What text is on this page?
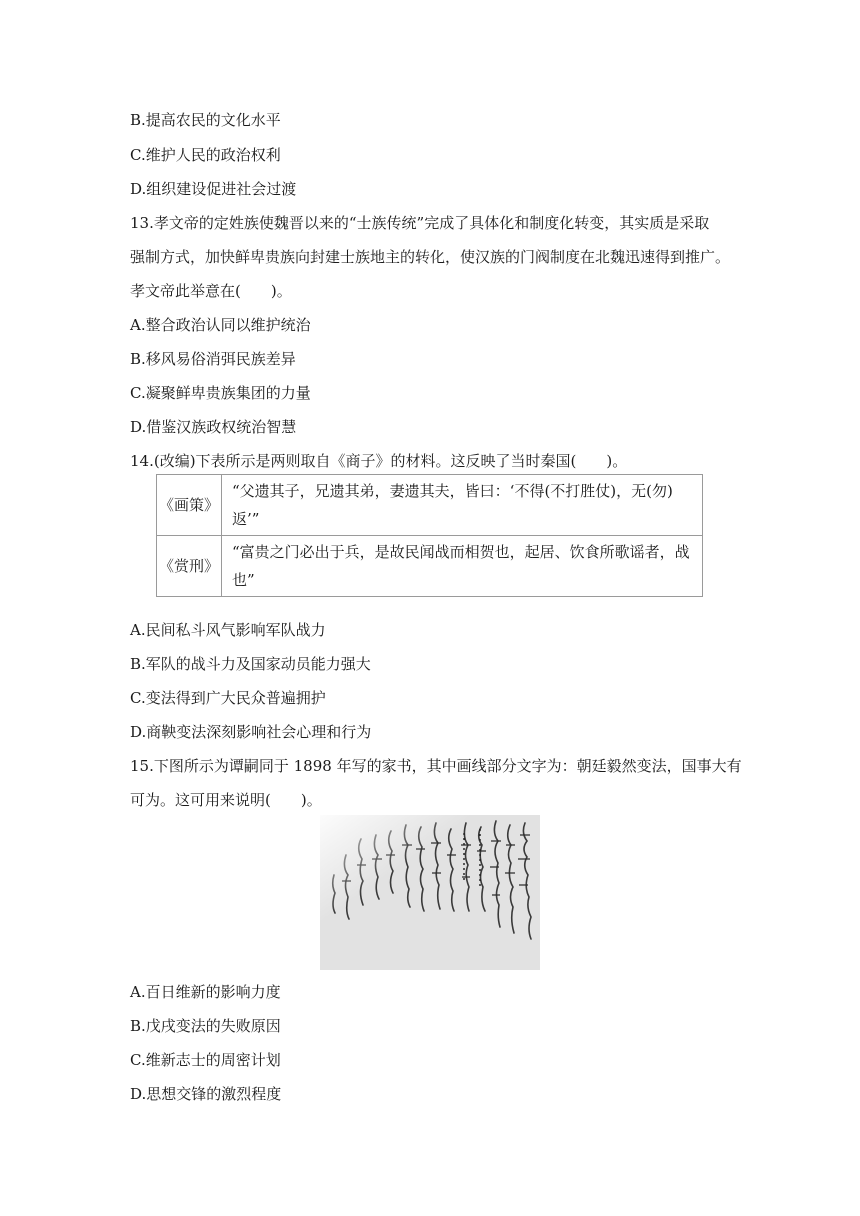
B.提高农民的文化水平
C.维护人民的政治权利
D.组织建设促进社会过渡
13.孝文帝的定姓族使魏晋以来的“士族传统”完成了具体化和制度化转变，其实质是采取
强制方式，加快鲜卑贵族向封建士族地主的转化，使汉族的门阀制度在北魏迅速得到推广。
孝文帝此举意在(　　)。
A.整合政治认同以维护统治
B.移风易俗消弭民族差异
C.凝聚鲜卑贵族集团的力量
D.借鉴汉族政权统治智慧
14.(改编)下表所示是两则取自《商子》的材料。这反映了当时秦国(　　)。
《画策》	“父遗其子，兄遗其弟，妻遗其夫，皆曰：‘不得(不打胜仗)，无(勿)返’”
《赏刑》	“富贵之门必出于兵，是故民闻战而相贺也，起居、饮食所歌谣者，战也”
A.民间私斗风气影响军队战力
B.军队的战斗力及国家动员能力强大
C.变法得到广大民众普遍拥护
D.商鞅变法深刻影响社会心理和行为
15.下图所示为谭嗣同于 1898 年写的家书，其中画线部分文字为：朝廷毅然变法，国事大有
可为。这可用来说明(　　)。
A.百日维新的影响力度
B.戊戌变法的失败原因
C.维新志士的周密计划
D.思想交锋的激烈程度
